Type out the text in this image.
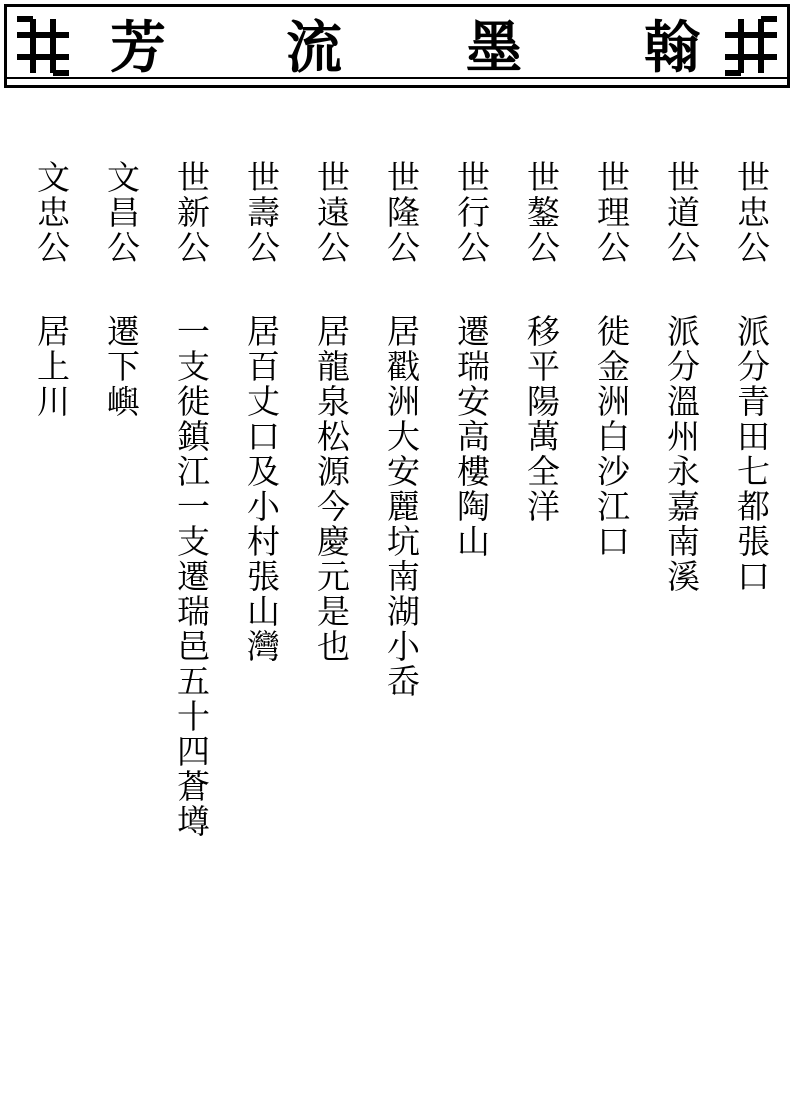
芳 流 墨 翰
世忠公
派分青田七都張口
世道公
派分溫州永嘉南溪
世理公
徙金洲白沙江口
世鏊公
移平陽萬全洋
世行公
遷瑞安高樓陶山
世隆公
居戳洲大安麗坑南湖小岙
世遠公
居龍泉松源今慶元是也
世壽公
居百丈口及小村張山灣
世新公
一支徙鎮江一支遷瑞邑五十四蒼壿
文昌公
遷下嶼
文忠公
居上川
